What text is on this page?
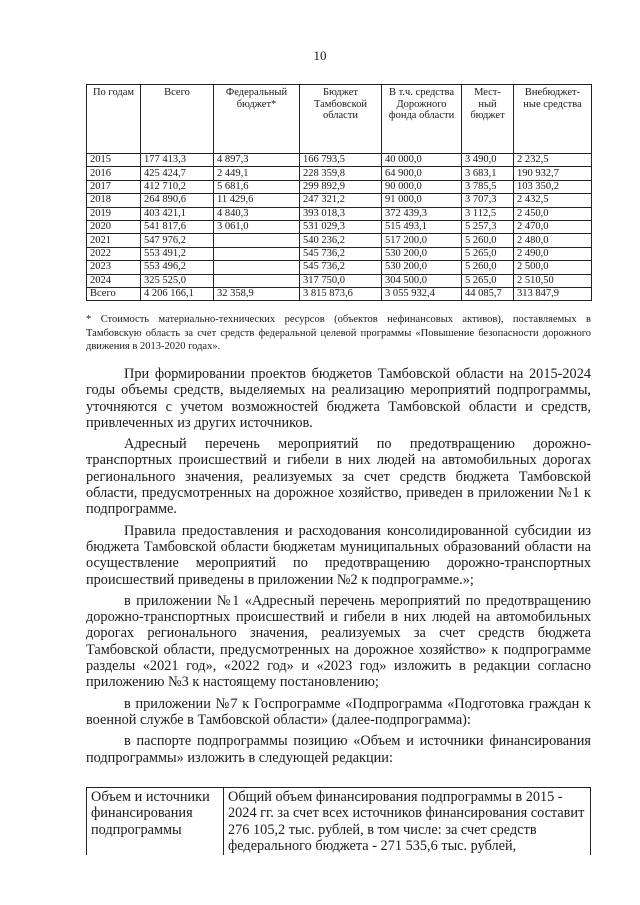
10
По годам	Всего	Федеральный бюджет*	Бюджет Тамбовской области	В т.ч. средства Дорожного фонда области	Мест-ный бюджет	Внебюджет-ные средства
2015	177 413,3	4 897,3	166 793,5	40 000,0	3 490,0	2 232,5
2016	425 424,7	2 449,1	228 359,8	64 900,0	3 683,1	190 932,7
2017	412 710,2	5 681,6	299 892,9	90 000,0	3 785,5	103 350,2
2018	264 890,6	11 429,6	247 321,2	91 000,0	3 707,3	2 432,5
2019	403 421,1	4 840,3	393 018,3	372 439,3	3 112,5	2 450,0
2020	541 817,6	3 061,0	531 029,3	515 493,1	5 257,3	2 470,0
2021	547 976,2		540 236,2	517 200,0	5 260,0	2 480,0
2022	553 491,2		545 736,2	530 200,0	5 265,0	2 490,0
2023	553 496,2		545 736,2	530 200,0	5 260,0	2 500,0
2024	325 525,0		317 750,0	304 500,0	5 265,0	2 510,50
Всего	4 206 166,1	32 358,9	3 815 873,6	3 055 932,4	44 085,7	313 847,9
* Стоимость материально-технических ресурсов (объектов нефинансовых активов), поставляемых в Тамбовскую область за счет средств федеральной целевой программы «Повышение безопасности дорожного движения в 2013-2020 годах».

При формировании проектов бюджетов Тамбовской области на 2015-2024 годы объемы средств, выделяемых на реализацию мероприятий подпрограммы, уточняются с учетом возможностей бюджета Тамбовской области и средств, привлеченных из других источников.

Адресный перечень мероприятий по предотвращению дорожно-транспортных происшествий и гибели в них людей на автомобильных дорогах регионального значения, реализуемых за счет средств бюджета Тамбовской области, предусмотренных на дорожное хозяйство, приведен в приложении №1 к подпрограмме.

Правила предоставления и расходования консолидированной субсидии из бюджета Тамбовской области бюджетам муниципальных образований области на осуществление мероприятий по предотвращению дорожно-транспортных происшествий приведены в приложении №2 к подпрограмме.»;

в приложении №1 «Адресный перечень мероприятий по предотвращению дорожно-транспортных происшествий и гибели в них людей на автомобильных дорогах регионального значения, реализуемых за счет средств бюджета Тамбовской области, предусмотренных на дорожное хозяйство» к подпрограмме разделы «2021 год», «2022 год» и «2023 год» изложить в редакции согласно приложению №3 к настоящему постановлению;

в приложении №7 к Госпрограмме «Подпрограмма «Подготовка граждан к военной службе в Тамбовской области» (далее-подпрограмма):

в паспорте подпрограммы позицию «Объем и источники финансирования подпрограммы» изложить в следующей редакции:

Объем и источники финансирования подпрограммы	Общий объем финансирования подпрограммы в 2015 - 2024 гг. за счет всех источников финансирования составит 276 105,2 тыс. рублей, в том числе: за счет средств федерального бюджета - 271 535,6 тыс. рублей,
